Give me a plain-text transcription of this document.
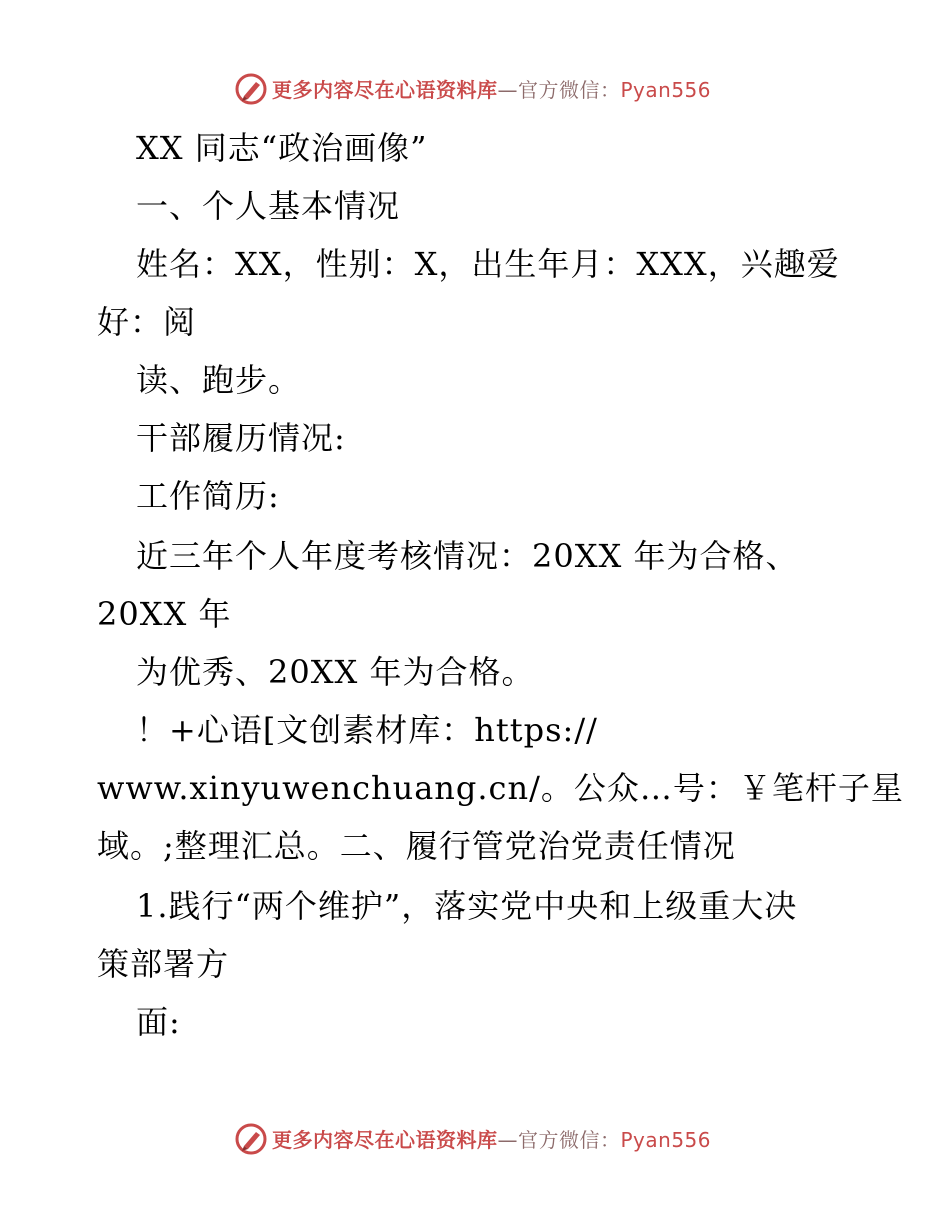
更多内容尽在心语资料库—官方微信：Pyan556
XX 同志“政治画像”
一、个人基本情况
姓名：XX，性别：X，出生年月：XXX，兴趣爱
好：阅
读、跑步。
干部履历情况:
工作简历:
近三年个人年度考核情况：20XX 年为合格、
20XX 年
为优秀、20XX 年为合格。
！+心语[文创素材库：https://
www.xinyuwenchuang.cn/。公众…号：￥笔杆子星
域。;整理汇总。二、履行管党治党责任情况
1.践行“两个维护”，落实党中央和上级重大决
策部署方
面:
更多内容尽在心语资料库—官方微信：Pyan556
